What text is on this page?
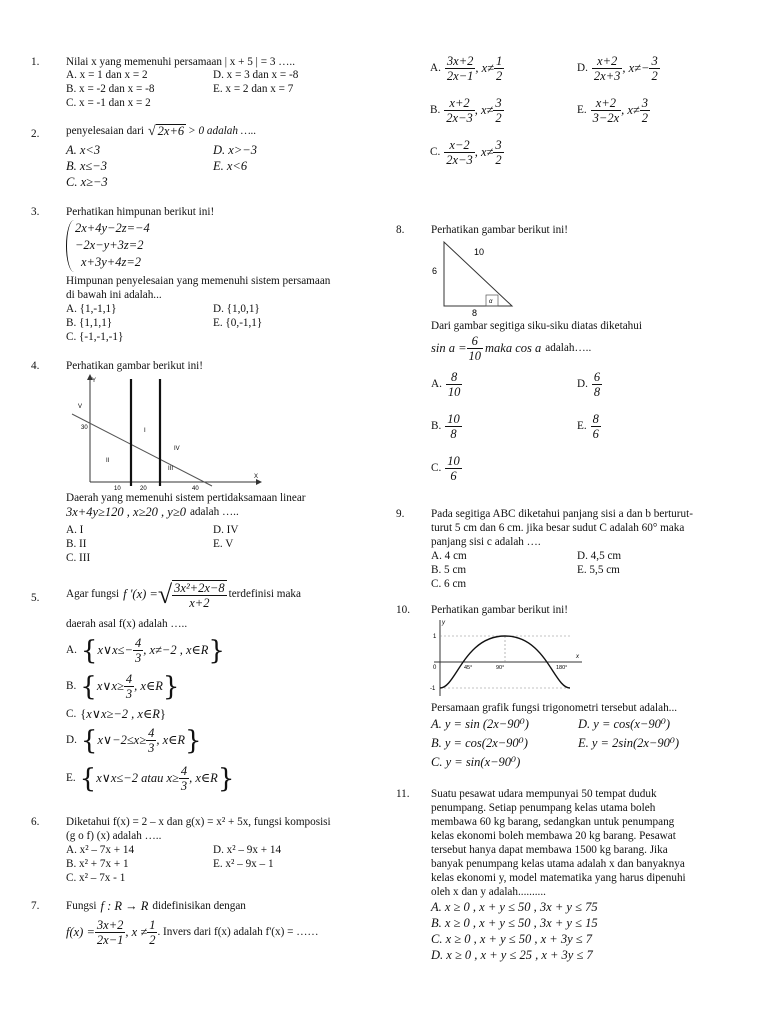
1. Nilai x yang memenuhi persamaan | x + 5 | = 3 …..
A. x = 1 dan x = 2
B. x = -2 dan x = -8
C. x = -1 dan x = 2
D. x = 3 dan x = -8
E. x = 2 dan x = 7
2. penyelesaian dari √ 2x+6 > 0 adalah …..
A. x<3
B. x≤−3
C. x≥−3
D. x>−3
E. x<6
3. Perhatikan himpunan berikut ini!
2x+4y−2z=−4
−2x−y+3z=2
x+3y+4z=2
Himpunan penyelesaian yang memenuhi sistem persamaan
di bawah ini adalah...
A. {1,-1,1}
B. {1,1,1}
C. {-1,-1,-1}
D. {1,0,1}
E. {0,-1,1}
4. Perhatikan gambar berikut ini!
V
Y
X
30
10	20	40
I
II
III
IV
Daerah yang memenuhi sistem pertidaksamaan linear
3x+4y≥120 , x≥20 , y≥0 adalah …..
A. I
B. II
C. III
D. IV
E. V
5. Agar fungsi f '(x) = √ $\frac{\text{3x²+2x−8}}{x+2}$ terdefinisi maka
daerah asal f(x) adalah …..
A. { x∨x≤− $\frac{4}{3}$ , x≠−2 , x∈R }
B. { x∨x≥ $\frac{4}{3}$ , x∈R }
C. { x∨x≥−2 , x∈R }
D. { x∨−2≤x≥ $\frac{4}{3}$ , x∈R }
E. { x∨x≤−2 atau $x\ge \frac{4}{3}$ , x∈R }
6. Diketahui f(x) = 2 – x dan g(x) = x² + 5x, fungsi komposisi
(g o f) (x) adalah …..
A. x² – 7x + 14
B. x² + 7x + 1
C. x² – 7x - 1
D. x² – 9x + 14
E. x² – 9x – 1
7. Fungsi f : R → R didefinisikan dengan
$f(x) = \frac{3x+2}{2x-1}$ , $x \ne \frac{1}{2}$ . Invers dari f(x) adalah f'(x) = ……
A. $\frac{3x+2}{2x-1}$ , $x\ne \frac{1}{2}$
B. $\frac{x+2}{2x-3}$ , $x\ne \frac{3}{2}$
C. $\frac{x-2}{2x-3}$ , $x\ne \frac{3}{2}$
D. $\frac{x+2}{2x+3}$ , $x\ne- \frac{3}{2}$
E. $\frac{x+2}{3-2x}$ , $x\ne \frac{3}{2}$
8. Perhatikan gambar berikut ini!
10
6
8
α
Dari gambar segitiga siku-siku diatas diketahui
$\sin a = \frac{6}{10}$ maka cos a adalah…..
A. $\frac{8}{10}$
B. $\frac{10}{8}$
C. $\frac{10}{6}$
D. $\frac{6}{8}$
E. $\frac{8}{6}$
9. Pada segitiga ABC diketahui panjang sisi a dan b berturut-
turut 5 cm dan 6 cm. jika besar sudut C adalah 60° maka
panjang sisi c adalah ….
A. 4 cm
B. 5 cm
C. 6 cm
D. 4,5 cm
E. 5,5 cm
10. Perhatikan gambar berikut ini!
y
x
1
-1
0	45°	90°	180°
Persamaan grafik fungsi trigonometri tersebut adalah...
A. y = sin (2x−90⁰)
B. y = cos(2x−90⁰)
C. y = sin(x−90⁰)
D. y = cos(x−90⁰)
E. y = 2sin(2x−90⁰)
11. Suatu pesawat udara mempunyai 50 tempat duduk
penumpang. Setiap penumpang kelas utama boleh
membawa 60 kg barang, sedangkan untuk penumpang
kelas ekonomi boleh membawa 20 kg barang. Pesawat
tersebut hanya dapat membawa 1500 kg barang. Jika
banyak penumpang kelas utama adalah x dan banyaknya
kelas ekonomi y, model matematika yang harus dipenuhi
oleh x dan y adalah..........
A. x ≥ 0 , x + y ≤ 50 , 3x + y ≤ 75
B. x ≥ 0 , x + y ≤ 50 , 3x + y ≤ 15
C. x ≥ 0 , x + y ≤ 50 , x + 3y ≤ 7
D. x ≥ 0 , x + y ≤ 25 , x + 3y ≤ 7
